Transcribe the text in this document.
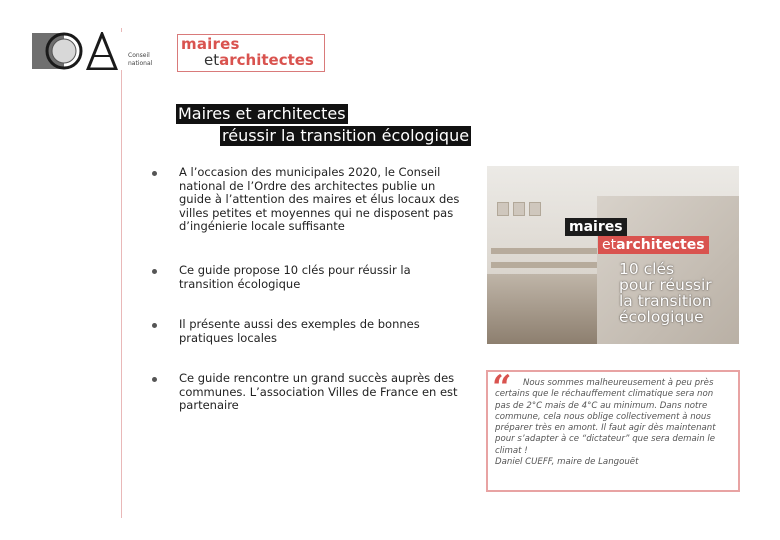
Conseil
national
maires
etarchitectes
Maires et architectes
réussir la transition écologique
A l’occasion des municipales 2020, le Conseil national de l’Ordre des architectes publie un guide à l’attention des maires et élus locaux des villes petites et moyennes qui ne disposent pas d’ingénierie locale suffisante
Ce guide propose 10 clés pour réussir la transition écologique
Il présente aussi des exemples de bonnes pratiques locales
Ce guide rencontre un grand succès auprès des communes. L’association Villes de France en est partenaire
maires
etarchitectes
10 clés
pour réussir
la transition
écologique
“	Nous sommes malheureusement à peu près certains que le réchauffement climatique sera non pas de 2°C mais de 4°C au minimum. Dans notre commune, cela nous oblige collectivement à nous préparer très en amont. Il faut agir dès maintenant pour s’adapter à ce “dictateur” que sera demain le climat !
Daniel CUEFF, maire de Langouët
